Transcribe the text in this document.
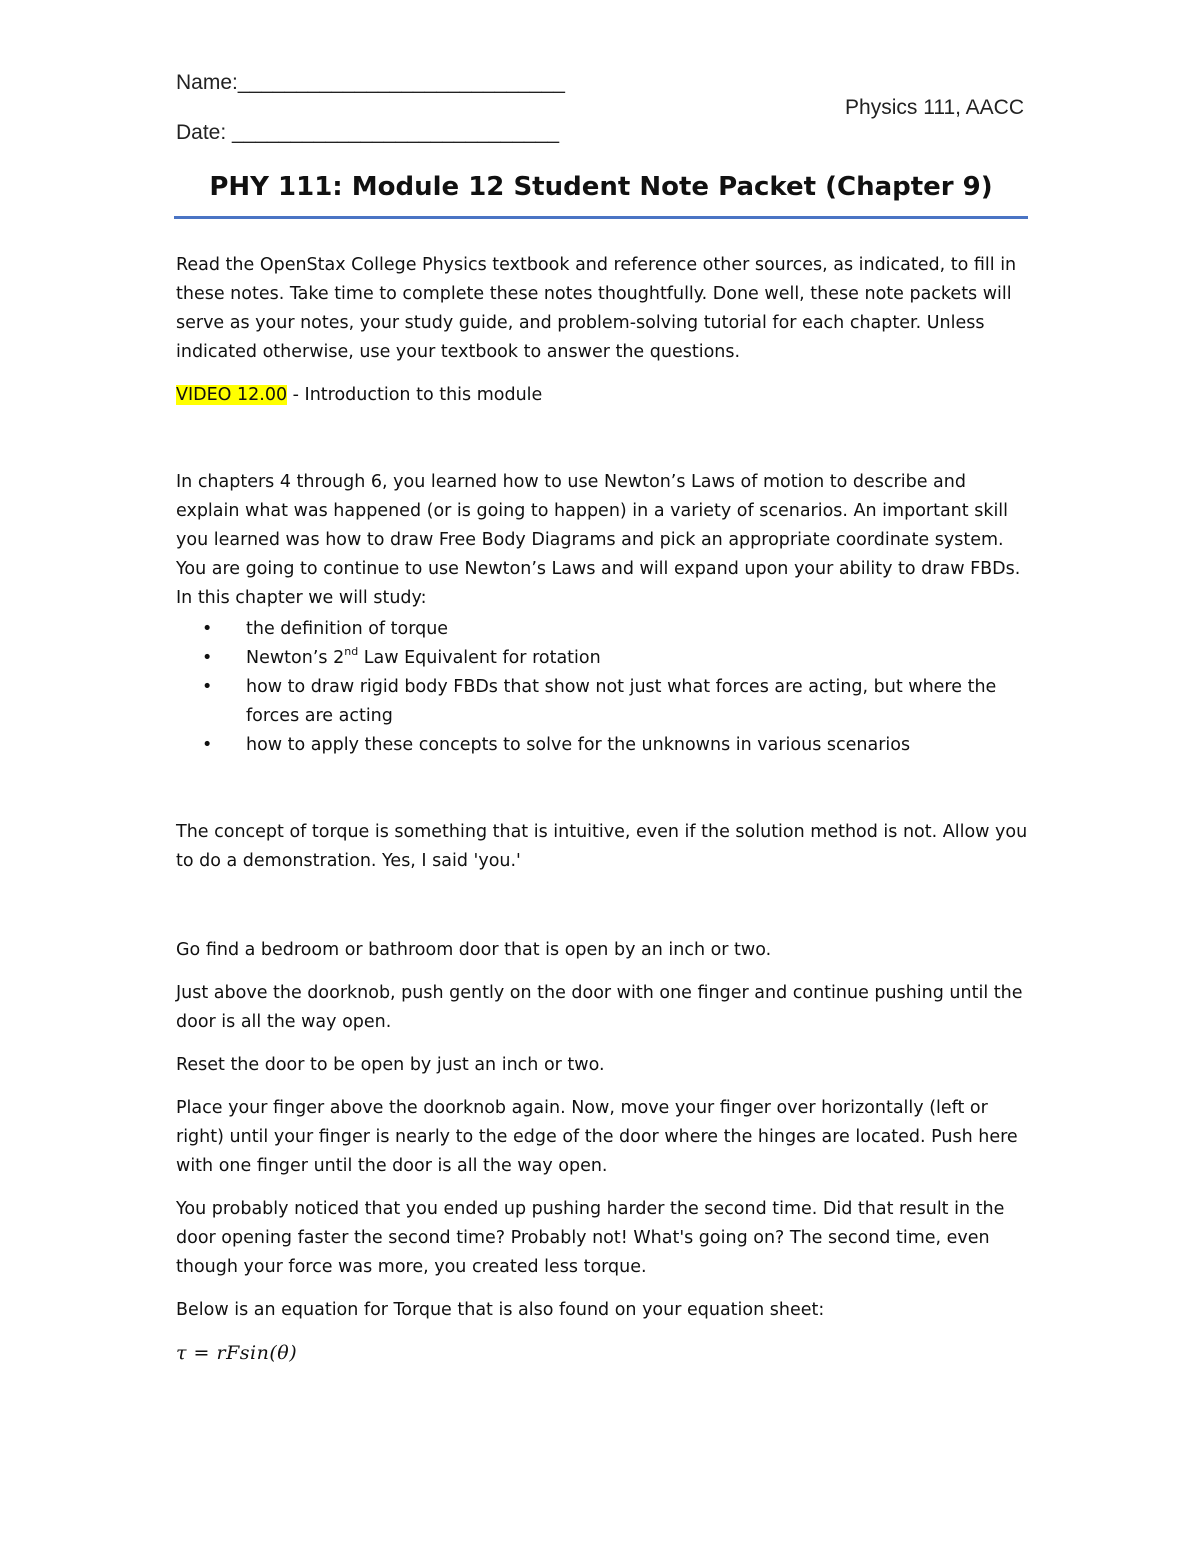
Name:____________________________
Date: ____________________________
Physics 111, AACC
PHY 111: Module 12 Student Note Packet (Chapter 9)

Read the OpenStax College Physics textbook and reference other sources, as indicated, to fill in these notes. Take time to complete these notes thoughtfully. Done well, these note packets will serve as your notes, your study guide, and problem-solving tutorial for each chapter. Unless indicated otherwise, use your textbook to answer the questions.

VIDEO 12.00 - Introduction to this module

In chapters 4 through 6, you learned how to use Newton’s Laws of motion to describe and explain what was happened (or is going to happen) in a variety of scenarios. An important skill you learned was how to draw Free Body Diagrams and pick an appropriate coordinate system. You are going to continue to use Newton’s Laws and will expand upon your ability to draw FBDs. In this chapter we will study:

• the definition of torque
• Newton’s 2nd Law Equivalent for rotation
• how to draw rigid body FBDs that show not just what forces are acting, but where the forces are acting
• how to apply these concepts to solve for the unknowns in various scenarios

The concept of torque is something that is intuitive, even if the solution method is not. Allow you to do a demonstration. Yes, I said 'you.'

Go find a bedroom or bathroom door that is open by an inch or two.

Just above the doorknob, push gently on the door with one finger and continue pushing until the door is all the way open.

Reset the door to be open by just an inch or two.

Place your finger above the doorknob again. Now, move your finger over horizontally (left or right) until your finger is nearly to the edge of the door where the hinges are located. Push here with one finger until the door is all the way open.

You probably noticed that you ended up pushing harder the second time. Did that result in the door opening faster the second time? Probably not! What's going on? The second time, even though your force was more, you created less torque.

Below is an equation for Torque that is also found on your equation sheet:

τ = rFsin(θ)
